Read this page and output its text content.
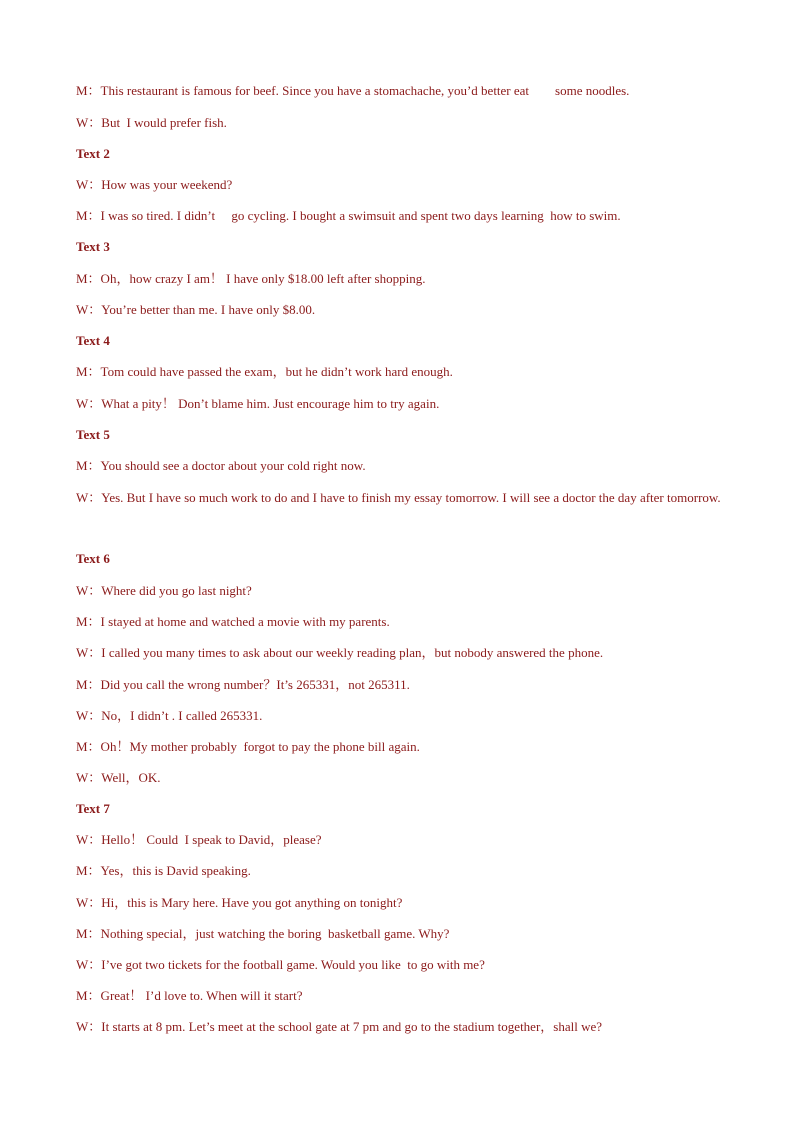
M：This restaurant is famous for beef. Since you have a stomachache, you’d better eat        some noodles.
W：But  I would prefer fish.
Text 2
W：How was your weekend?
M：I was so tired. I didn’t     go cycling. I bought a swimsuit and spent two days learning  how to swim.
Text 3
M：Oh，how crazy I am！ I have only $18.00 left after shopping.
W：You’re better than me. I have only $8.00.
Text 4
M：Tom could have passed the exam，but he didn’t work hard enough.
W：What a pity！ Don’t blame him. Just encourage him to try again.
Text 5
M：You should see a doctor about your cold right now.
W：Yes. But I have so much work to do and I have to finish my essay tomorrow. I will see a doctor the day after tomorrow.
Text 6
W：Where did you go last night?
M：I stayed at home and watched a movie with my parents.
W：I called you many times to ask about our weekly reading plan，but nobody answered the phone.
M：Did you call the wrong number？It’s 265331，not 265311.
W：No，I didn’t . I called 265331.
M：Oh！My mother probably  forgot to pay the phone bill again.
W：Well，OK.
Text 7
W：Hello！ Could  I speak to David，please?
M：Yes，this is David speaking.
W：Hi，this is Mary here. Have you got anything on tonight?
M：Nothing special，just watching the boring  basketball game. Why?
W：I’ve got two tickets for the football game. Would you like  to go with me?
M：Great！ I’d love to. When will it start?
W：It starts at 8 pm. Let’s meet at the school gate at 7 pm and go to the stadium together，shall we?
